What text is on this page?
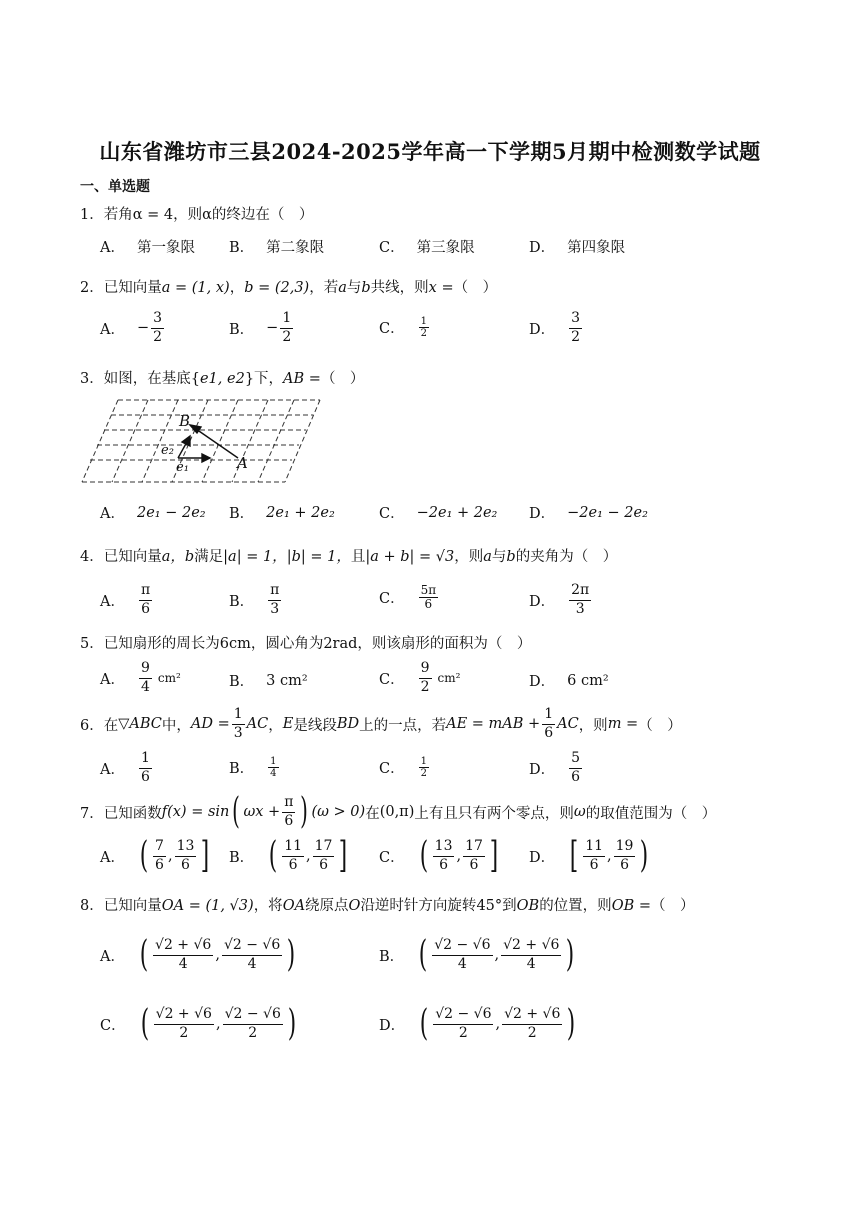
山东省潍坊市三县2024-2025学年高一下学期5月期中检测数学试题
一、单选题
1．若角α = 4，则α的终边在（　）
A． 第一象限 B． 第二象限	C． 第三象限	D． 第四象限
2．已知向量a = (1, x)，b = (2,3)，若a与b共线，则x =（　）
A． − $\frac{3}{2}$	B． − $\frac{1}{2}$	C． $\frac{1}{2}$	D． $\frac{3}{2}$
3．如图，在基底{e1, e2}下，AB =（　）
B
A
e₂
e₁
A． 2e₁ − 2e₂ B． 2e₁ + 2e₂	C． −2e₁ + 2e₂ D． −2e₁ − 2e₂
4．已知向量a，b满足|a| = 1，|b| = 1，且|a + b| = √3，则a与b的夹角为（　）
A． $\frac{\pi}{6}$	B． $\frac{\pi}{3}$	C． $\frac{5\pi}{6}$	D． $\frac{2\pi}{3}$
5．已知扇形的周长为6cm，圆心角为2rad，则该扇形的面积为（　）
A． $\frac{9}{4} cm^2$	B． 3 cm²	C． $\frac{9}{2} cm^2$	D． 6 cm²
6． 在 ▽ABC 中， AD = $\frac{1}{3}$ AC ， E 是线段 BD 上的一点，若 AE = mAB + $\frac{1}{6}$ AC ，则 m = （　）
A． $\frac{1}{6}$	B． $\frac{1}{4}$	C． $\frac{1}{2}$	D． $\frac{5}{6}$
7． 已知函数 f(x) = sin ( $\omega x + \frac{\pi}{6}$ ) (ω > 0) 在 (0,π) 上有且只有两个零点，则 ω 的取值范围为（　）
A． ( $\frac{7}{6}$ , $\frac{13}{6}$ ] B． ( $\frac{11}{6}$ , $\frac{17}{6}$ ] C． ( $\frac{13}{6}$ , $\frac{17}{6}$ ] D． [ $\frac{11}{6}$ , $\frac{19}{6}$ )
8．已知向量OA = (1, √3)，将OA绕原点O沿逆时针方向旋转45°到OB的位置，则OB =（　）
A． ( $\frac{√2 + √6}{4}$ , $\frac{√2 - √6}{4}$ )	B． ( $\frac{√2 - √6}{4}$ , $\frac{√2 + √6}{4}$ )
C． ( $\frac{√2 + √6}{2}$ , $\frac{√2 - √6}{2}$ )	D． ( $\frac{√2 - √6}{2}$ , $\frac{√2 + √6}{2}$ )
